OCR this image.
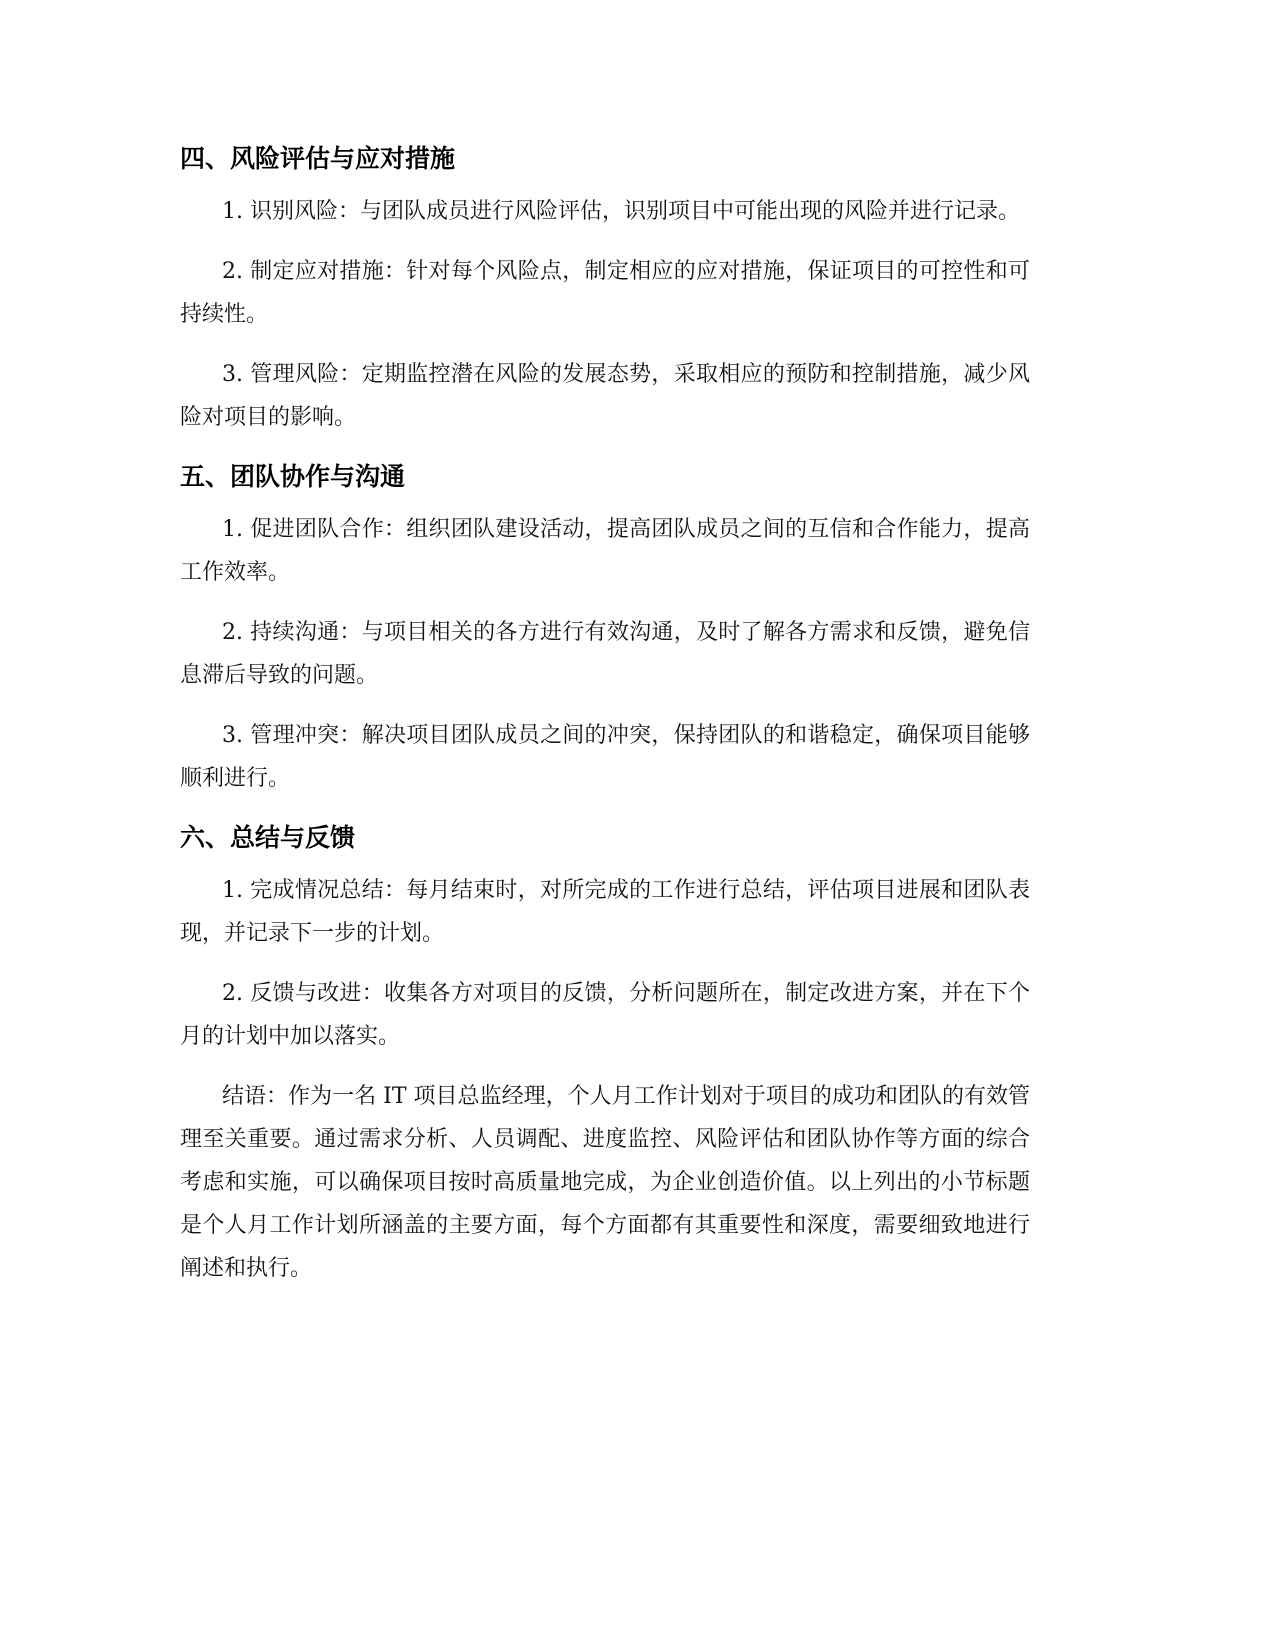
四、风险评估与应对措施

1. 识别风险：与团队成员进行风险评估，识别项目中可能出现的风险并进行记录。

2. 制定应对措施：针对每个风险点，制定相应的应对措施，保证项目的可控性和可持续性。

3. 管理风险：定期监控潜在风险的发展态势，采取相应的预防和控制措施，减少风险对项目的影响。

五、团队协作与沟通

1. 促进团队合作：组织团队建设活动，提高团队成员之间的互信和合作能力，提高工作效率。

2. 持续沟通：与项目相关的各方进行有效沟通，及时了解各方需求和反馈，避免信息滞后导致的问题。

3. 管理冲突：解决项目团队成员之间的冲突，保持团队的和谐稳定，确保项目能够顺利进行。

六、总结与反馈

1. 完成情况总结：每月结束时，对所完成的工作进行总结，评估项目进展和团队表现，并记录下一步的计划。

2. 反馈与改进：收集各方对项目的反馈，分析问题所在，制定改进方案，并在下个月的计划中加以落实。

结语：作为一名 IT 项目总监经理，个人月工作计划对于项目的成功和团队的有效管理至关重要。通过需求分析、人员调配、进度监控、风险评估和团队协作等方面的综合考虑和实施，可以确保项目按时高质量地完成，为企业创造价值。以上列出的小节标题是个人月工作计划所涵盖的主要方面，每个方面都有其重要性和深度，需要细致地进行阐述和执行。
